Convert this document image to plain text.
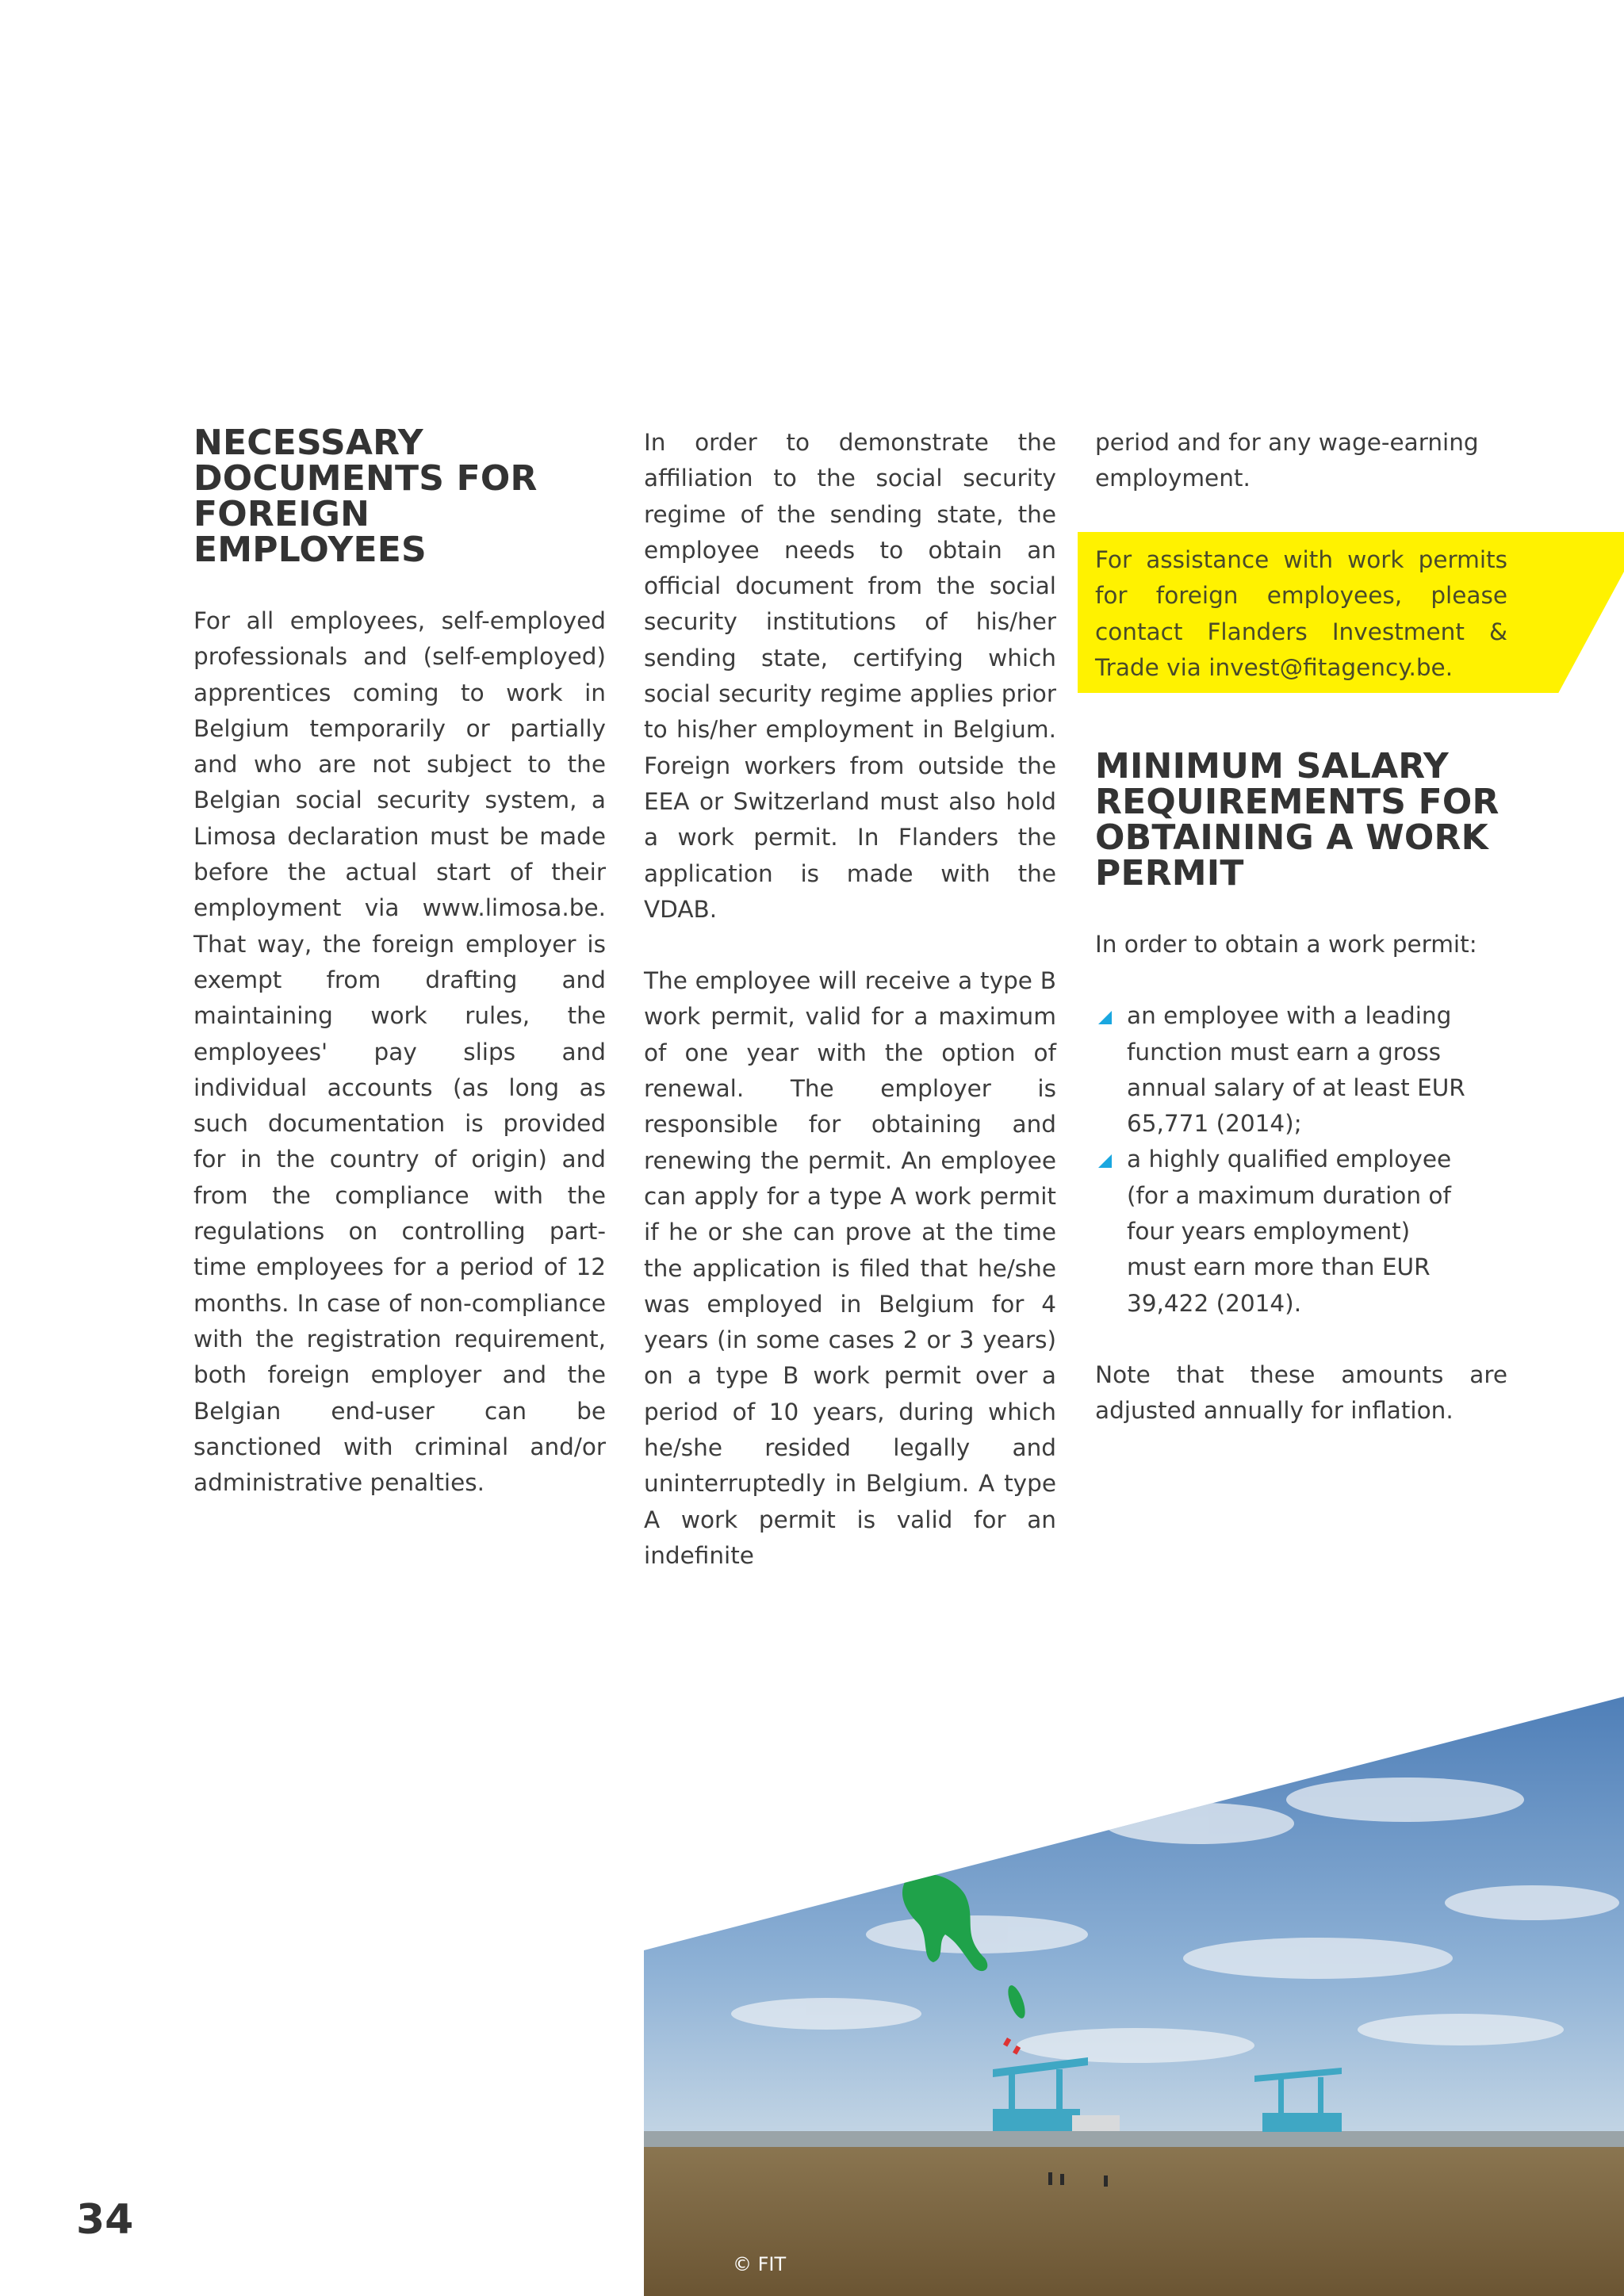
NECESSARY
DOCUMENTS FOR
FOREIGN EMPLOYEES

For all employees, self-employed professionals and (self-employed) apprentices coming to work in Belgium temporarily or partially and who are not subject to the Belgian social security system, a Limosa declaration must be made before the actual start of their employment via www.limosa.be. That way, the foreign employer is exempt from drafting and maintaining work rules, the employees' pay slips and individual accounts (as long as such documentation is provided for in the country of origin) and from the compliance with the regulations on controlling part-time employees for a period of 12 months. In case of non-compliance with the registration requirement, both foreign employer and the Belgian end-user can be sanctioned with criminal and/or administrative penalties.

In order to demonstrate the affiliation to the social security regime of the sending state, the employee needs to obtain an official document from the social security institutions of his/her sending state, certifying which social security regime applies prior to his/her employment in Belgium. Foreign workers from outside the EEA or Switzerland must also hold a work permit. In Flanders the application is made with the VDAB.

The employee will receive a type B work permit, valid for a maximum of one year with the option of renewal. The employer is responsible for obtaining and renewing the permit. An employee can apply for a type A work permit if he or she can prove at the time the application is filed that he/she was employed in Belgium for 4 years (in some cases 2 or 3 years) on a type B work permit over a period of 10 years, during which he/she resided legally and uninterruptedly in Belgium. A type A work permit is valid for an indefinite

period and for any wage-earning employment.

For assistance with work permits for foreign employees, please contact Flanders Investment & Trade via invest@fitagency.be.

MINIMUM SALARY
REQUIREMENTS FOR
OBTAINING A WORK
PERMIT

In order to obtain a work permit:

an employee with a leading function must earn a gross annual salary of at least EUR 65,771 (2014);
a highly qualified employee (for a maximum duration of four years employment) must earn more than EUR 39,422 (2014).

Note that these amounts are adjusted annually for inflation.

© FIT
34
